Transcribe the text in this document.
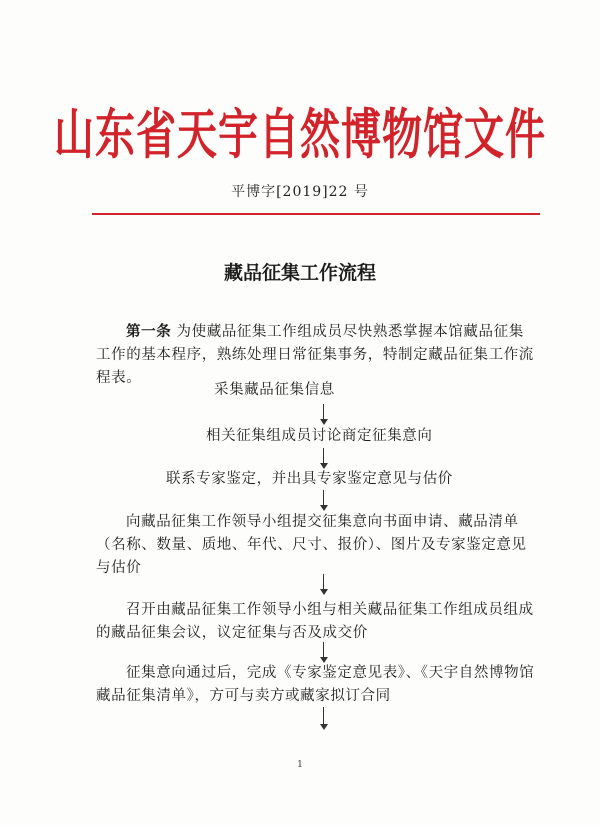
山东省天宇自然博物馆文件
平博字[2019]22 号
藏品征集工作流程
第一条 为使藏品征集工作组成员尽快熟悉掌握本馆藏品征集工作的基本程序，熟练处理日常征集事务，特制定藏品征集工作流程表。
采集藏品征集信息
相关征集组成员讨论商定征集意向
联系专家鉴定，并出具专家鉴定意见与估价
向藏品征集工作领导小组提交征集意向书面申请、藏品清单（名称、数量、质地、年代、尺寸、报价）、图片及专家鉴定意见与估价
召开由藏品征集工作领导小组与相关藏品征集工作组成员组成的藏品征集会议，议定征集与否及成交价
征集意向通过后，完成《专家鉴定意见表》、《天宇自然博物馆藏品征集清单》，方可与卖方或藏家拟订合同
1
